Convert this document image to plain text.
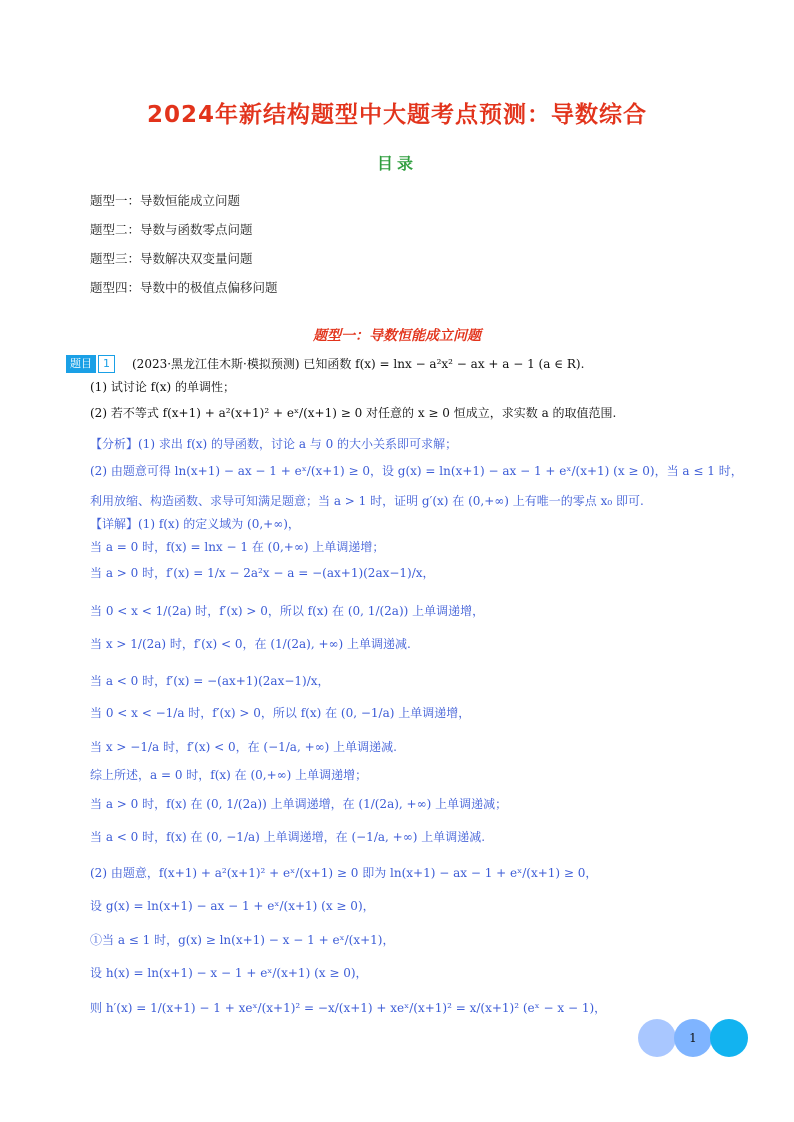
2024年新结构题型中大题考点预测：导数综合
目录
题型一：导数恒能成立问题
题型二：导数与函数零点问题
题型三：导数解决双变量问题
题型四：导数中的极值点偏移问题
题型一：导数恒能成立问题
题目	1	(2023·黑龙江佳木斯·模拟预测) 已知函数 f(x) = lnx − a²x² − ax + a − 1 (a ∈ R).
(1) 试讨论 f(x) 的单调性；
(2) 若不等式 f(x+1) + a²(x+1)² + eˣ/(x+1) ≥ 0 对任意的 x ≥ 0 恒成立，求实数 a 的取值范围.
【分析】(1) 求出 f(x) 的导函数，讨论 a 与 0 的大小关系即可求解；
(2) 由题意可得 ln(x+1) − ax − 1 + eˣ/(x+1) ≥ 0，设 g(x) = ln(x+1) − ax − 1 + eˣ/(x+1) (x ≥ 0)，当 a ≤ 1 时，
利用放缩、构造函数、求导可知满足题意；当 a > 1 时，证明 g′(x) 在 (0,+∞) 上有唯一的零点 x₀ 即可.
【详解】(1) f(x) 的定义域为 (0,+∞)，
当 a = 0 时，f(x) = lnx − 1 在 (0,+∞) 上单调递增；
当 a > 0 时，f′(x) = 1/x − 2a²x − a = −(ax+1)(2ax−1)/x，
当 0 < x < 1/(2a) 时，f′(x) > 0，所以 f(x) 在 (0, 1/(2a)) 上单调递增，
当 x > 1/(2a) 时，f′(x) < 0，在 (1/(2a), +∞) 上单调递减.
当 a < 0 时，f′(x) = −(ax+1)(2ax−1)/x，
当 0 < x < −1/a 时，f′(x) > 0，所以 f(x) 在 (0, −1/a) 上单调递增，
当 x > −1/a 时，f′(x) < 0，在 (−1/a, +∞) 上单调递减.
综上所述，a = 0 时，f(x) 在 (0,+∞) 上单调递增；
当 a > 0 时，f(x) 在 (0, 1/(2a)) 上单调递增，在 (1/(2a), +∞) 上单调递减；
当 a < 0 时，f(x) 在 (0, −1/a) 上单调递增，在 (−1/a, +∞) 上单调递减.
(2) 由题意，f(x+1) + a²(x+1)² + eˣ/(x+1) ≥ 0 即为 ln(x+1) − ax − 1 + eˣ/(x+1) ≥ 0，
设 g(x) = ln(x+1) − ax − 1 + eˣ/(x+1) (x ≥ 0)，
①当 a ≤ 1 时，g(x) ≥ ln(x+1) − x − 1 + eˣ/(x+1)，
设 h(x) = ln(x+1) − x − 1 + eˣ/(x+1) (x ≥ 0)，
则 h′(x) = 1/(x+1) − 1 + xeˣ/(x+1)² = −x/(x+1) + xeˣ/(x+1)² = x/(x+1)² (eˣ − x − 1)，
1
